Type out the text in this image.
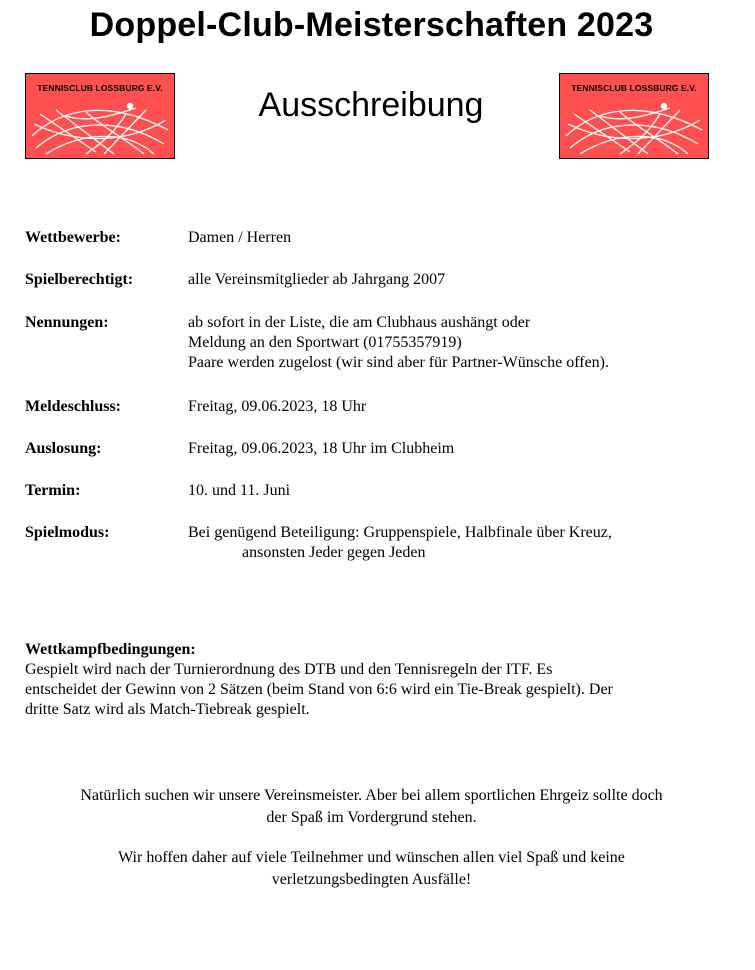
Doppel-Club-Meisterschaften 2023
TENNISCLUB LOSSBURG E.V.	Ausschreibung	TENNISCLUB LOSSBURG E.V.
Wettbewerbe:	Damen / Herren
Spielberechtigt:	alle Vereinsmitglieder ab Jahrgang 2007
Nennungen:	ab sofort in der Liste, die am Clubhaus aushängt oder
Meldung an den Sportwart (01755357919)
Paare werden zugelost (wir sind aber für Partner-Wünsche offen).
Meldeschluss:	Freitag, 09.06.2023, 18 Uhr
Auslosung:	Freitag, 09.06.2023, 18 Uhr im Clubheim
Termin:	10. und 11. Juni
Spielmodus:	Bei genügend Beteiligung: Gruppenspiele, Halbfinale über Kreuz,
ansonsten Jeder gegen Jeden
Wettkampfbedingungen:
Gespielt wird nach der Turnierordnung des DTB und den Tennisregeln der ITF. Es
entscheidet der Gewinn von 2 Sätzen (beim Stand von 6:6 wird ein Tie-Break gespielt). Der
dritte Satz wird als Match-Tiebreak gespielt.
Natürlich suchen wir unsere Vereinsmeister. Aber bei allem sportlichen Ehrgeiz sollte doch
der Spaß im Vordergrund stehen.
Wir hoffen daher auf viele Teilnehmer und wünschen allen viel Spaß und keine
verletzungsbedingten Ausfälle!
